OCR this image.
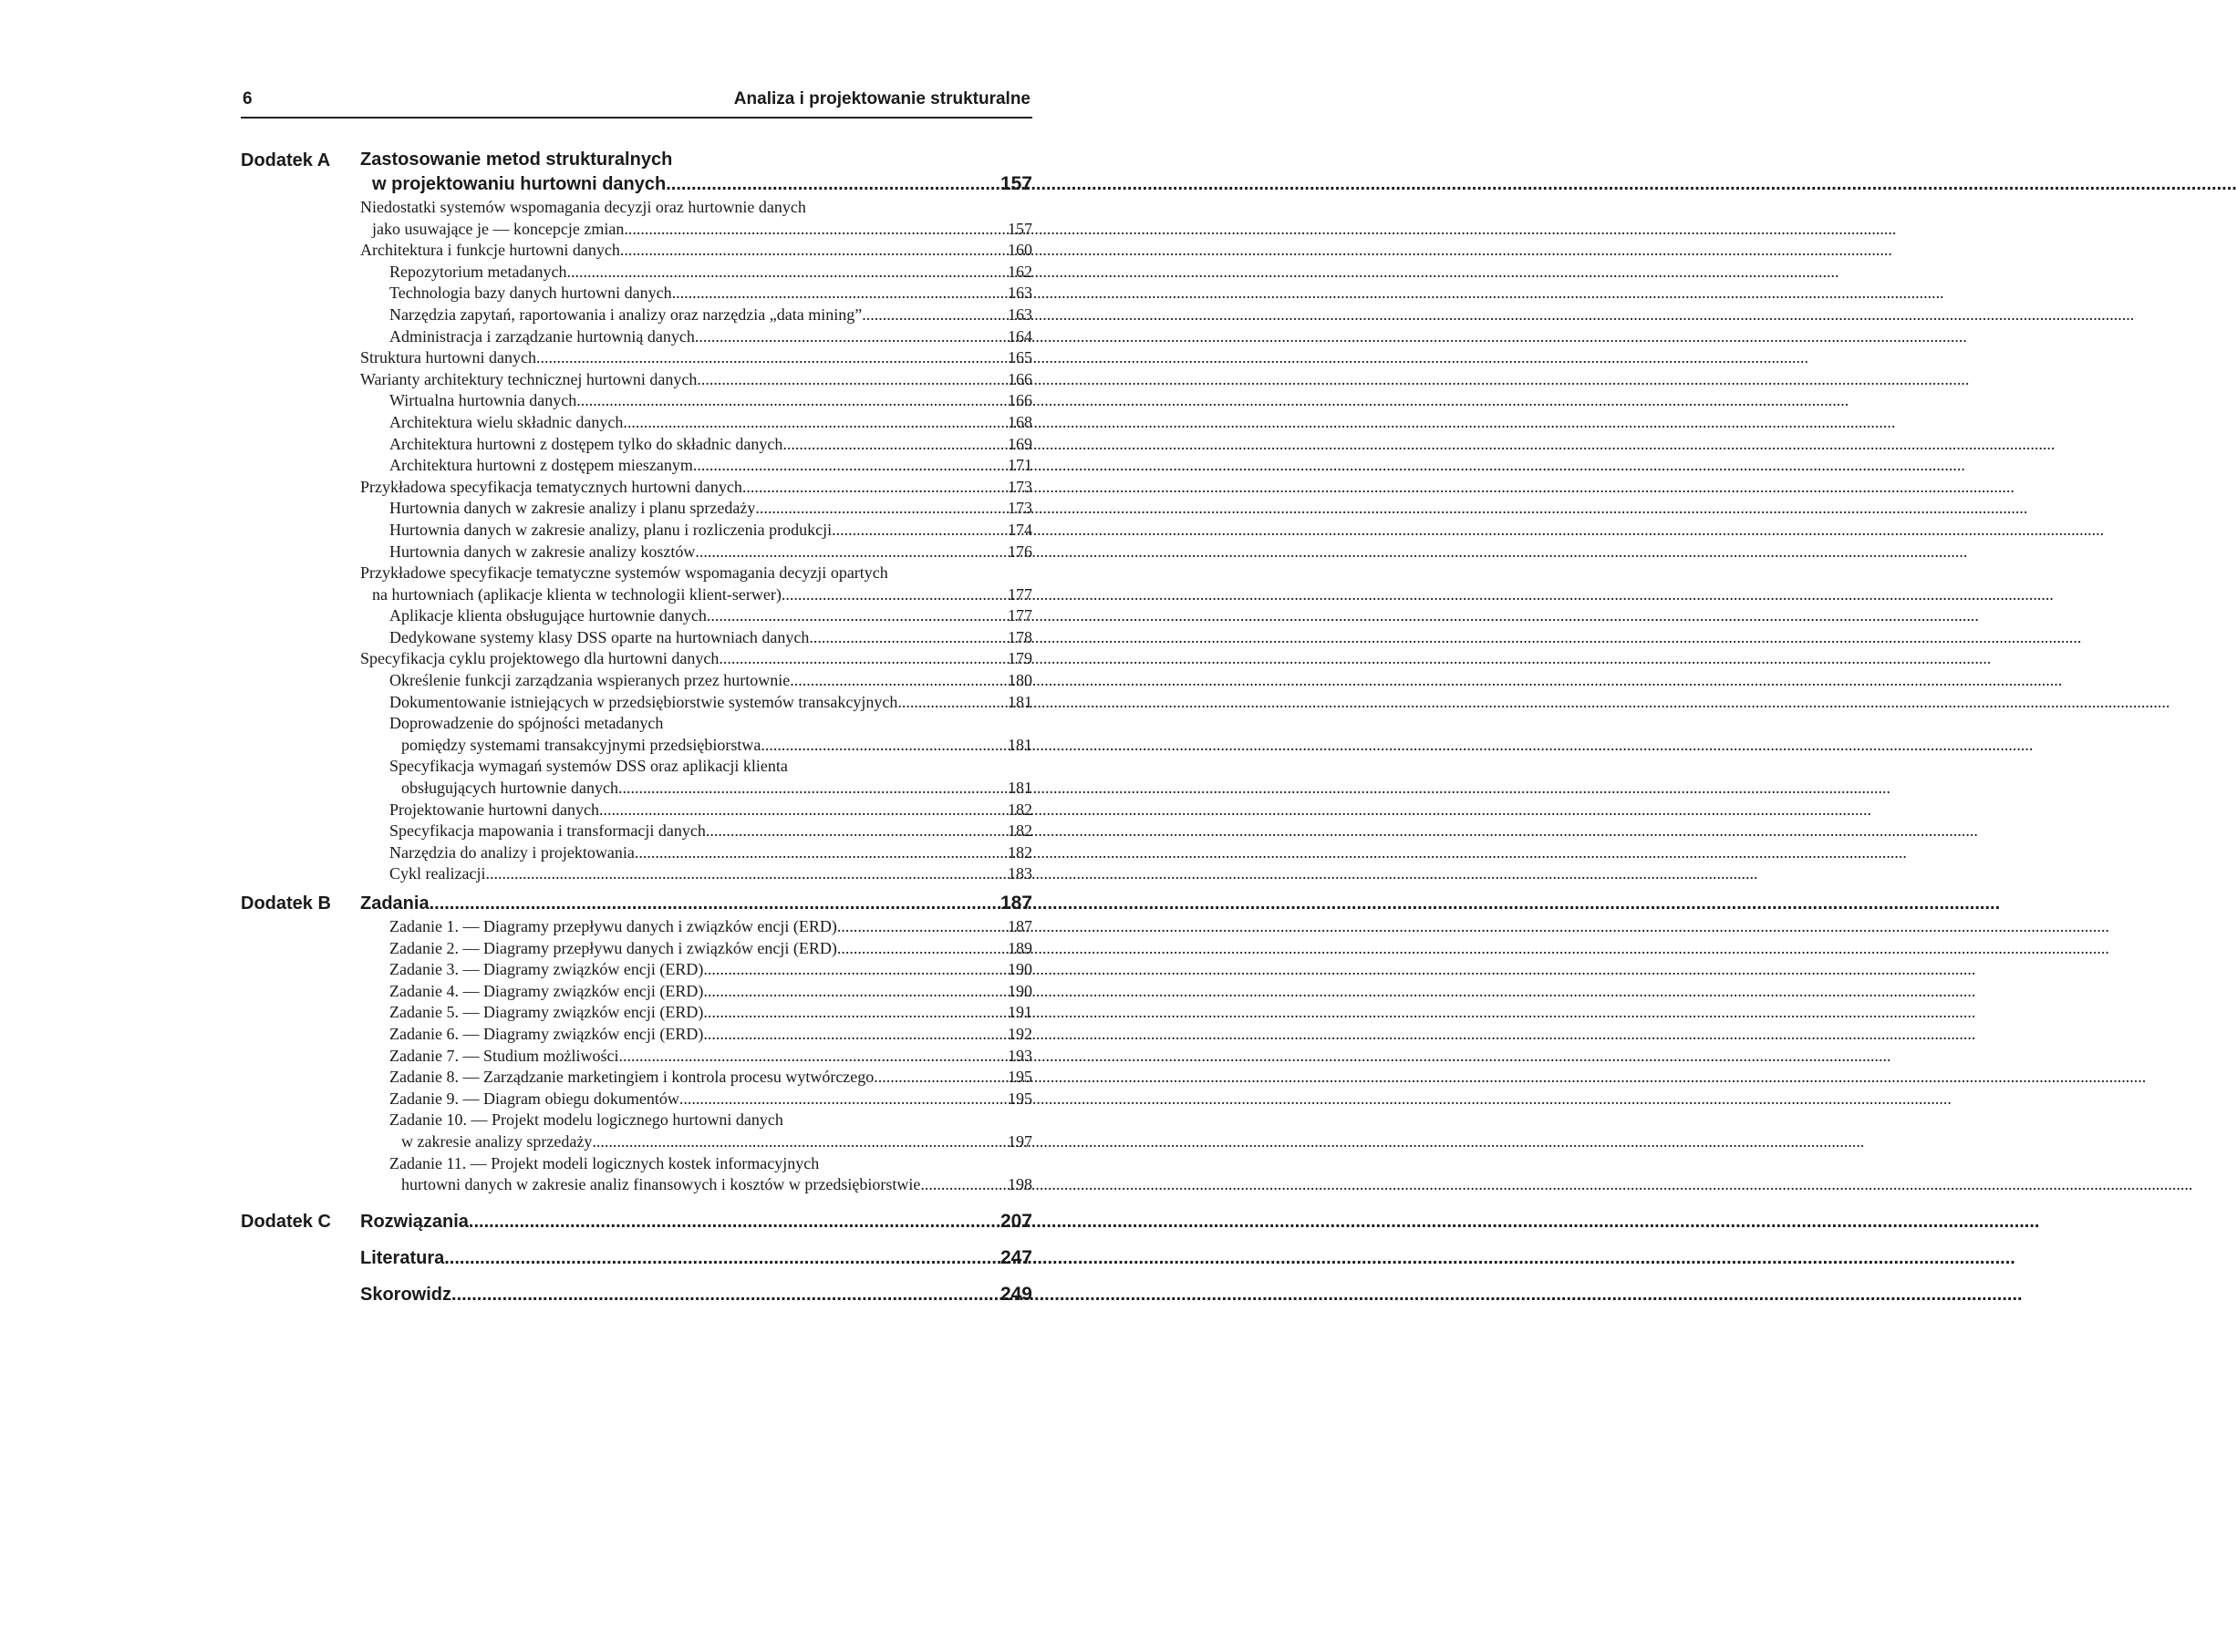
6	Analiza i projektowanie strukturalne
Dodatek A	Zastosowanie metod strukturalnych
w projektowaniu hurtowni danych .....	157
Niedostatki systemów wspomagania decyzji oraz hurtownie danych
jako usuwające je — koncepcje zmian .....	157
Architektura i funkcje hurtowni danych .....	160
Repozytorium metadanych .....	162
Technologia bazy danych hurtowni danych .....	163
Narzędzia zapytań, raportowania i analizy oraz narzędzia „data mining” .....	163
Administracja i zarządzanie hurtownią danych .....	164
Struktura hurtowni danych .....	165
Warianty architektury technicznej hurtowni danych .....	166
Wirtualna hurtownia danych .....	166
Architektura wielu składnic danych .....	168
Architektura hurtowni z dostępem tylko do składnic danych .....	169
Architektura hurtowni z dostępem mieszanym .....	171
Przykładowa specyfikacja tematycznych hurtowni danych .....	173
Hurtownia danych w zakresie analizy i planu sprzedaży .....	173
Hurtownia danych w zakresie analizy, planu i rozliczenia produkcji .....	174
Hurtownia danych w zakresie analizy kosztów .....	176
Przykładowe specyfikacje tematyczne systemów wspomagania decyzji opartych
na hurtowniach (aplikacje klienta w technologii klient-serwer) .....	177
Aplikacje klienta obsługujące hurtownie danych .....	177
Dedykowane systemy klasy DSS oparte na hurtowniach danych .....	178
Specyfikacja cyklu projektowego dla hurtowni danych .....	179
Określenie funkcji zarządzania wspieranych przez hurtownie .....	180
Dokumentowanie istniejących w przedsiębiorstwie systemów transakcyjnych .....	181
Doprowadzenie do spójności metadanych
pomiędzy systemami transakcyjnymi przedsiębiorstwa .....	181
Specyfikacja wymagań systemów DSS oraz aplikacji klienta
obsługujących hurtownie danych .....	181
Projektowanie hurtowni danych .....	182
Specyfikacja mapowania i transformacji danych .....	182
Narzędzia do analizy i projektowania .....	182
Cykl realizacji .....	183
Dodatek B	Zadania .....	187
Zadanie 1. — Diagramy przepływu danych i związków encji (ERD) .....	187
Zadanie 2. — Diagramy przepływu danych i związków encji (ERD) .....	189
Zadanie 3. — Diagramy związków encji (ERD) .....	190
Zadanie 4. — Diagramy związków encji (ERD) .....	190
Zadanie 5. — Diagramy związków encji (ERD) .....	191
Zadanie 6. — Diagramy związków encji (ERD) .....	192
Zadanie 7. — Studium możliwości .....	193
Zadanie 8. — Zarządzanie marketingiem i kontrola procesu wytwórczego .....	195
Zadanie 9. — Diagram obiegu dokumentów .....	195
Zadanie 10. — Projekt modelu logicznego hurtowni danych
w zakresie analizy sprzedaży .....	197
Zadanie 11. — Projekt modeli logicznych kostek informacyjnych
hurtowni danych w zakresie analiz finansowych i kosztów w przedsiębiorstwie .....	198
Dodatek C	Rozwiązania .....	207
Literatura .....	247
Skorowidz .....	249
